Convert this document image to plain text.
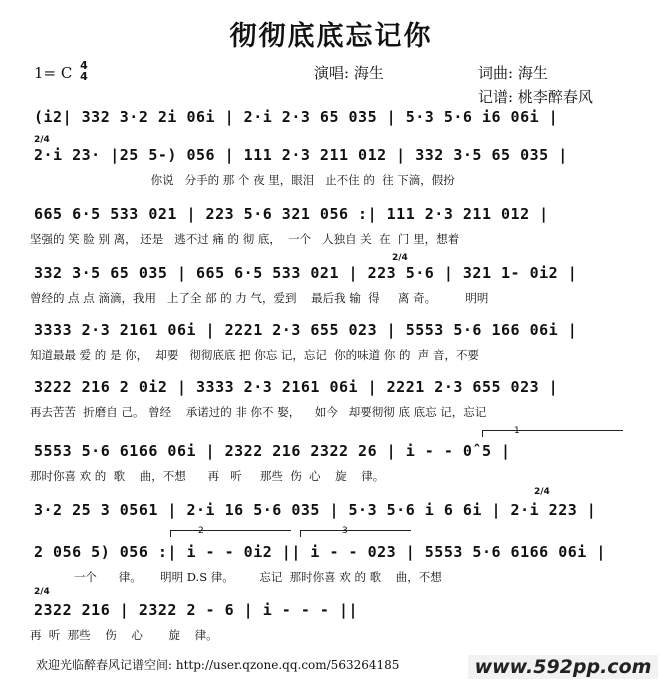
彻彻底底忘记你
1= C 4
4	演唱: 海生	词曲: 海生
记谱: 桃李醉春风
(i2| 332 3·2 2i 06i | 2·i 2·3 65 035 | 5·3 5·6 i6 06i |
2/4
2·i 23· |25 5-) 056 | 111 2·3 211 012 | 332 3·5 65 035 |
你说   分手的 那 个 夜 里，眼泪   止不住 的  往 下滴，假扮
665 6·5 533 021 | 223 5·6 321 056 :| 111 2·3 211 012 |
坚强的 笑 脸 别 离， 还是   逃不过 痛 的 彻 底，  一个   人独自 关  在  门 里，想着
2/4
332 3·5 65 035 | 665 6·5 533 021 | 223 5·6 | 321 1- 0i2 |
曾经的 点 点 滴滴，我用   上了全 部 的 力 气，爱到    最后我 输  得     离 奇。        明明
3333 2·3 2161 06i | 2221 2·3 655 023 | 5553 5·6 166 06i |
知道最最 爱 的 是 你，  却要   彻彻底底 把 你忘 记，忘记  你的味道 你 的  声 音，不要
3222 216 2 0i2 | 3333 2·3 2161 06i | 2221 2·3 655 023 |
再去苦苦  折磨自 己。 曾经    承诺过的 非 你不 娶，    如今   却要彻彻 底 底忘 记，忘记
1
5553 5·6 6166 06i | 2322 216 2322 26 | i - - 0ˆ5 |
那时你喜 欢 的  歌    曲，不想      再   听     那些  伤  心    旋    律。
2/4
3·2 25 3 0561 | 2·i 16 5·6 035 | 5·3 5·6 i 6 6i | 2·i 223 |
2	3
2 056 5) 056 :| i - - 0i2 || i - - 023 | 5553 5·6 6166 06i |
一个      律。     明明 D.S 律。       忘记  那时你喜 欢 的 歌    曲，不想
2/4
2322 216 | 2322 2 - 6 | i - - - ||
再  听  那些    伤    心       旋    律。
欢迎光临醉春风记谱空间: http://user.qzone.qq.com/563264185	www.592pp.com
